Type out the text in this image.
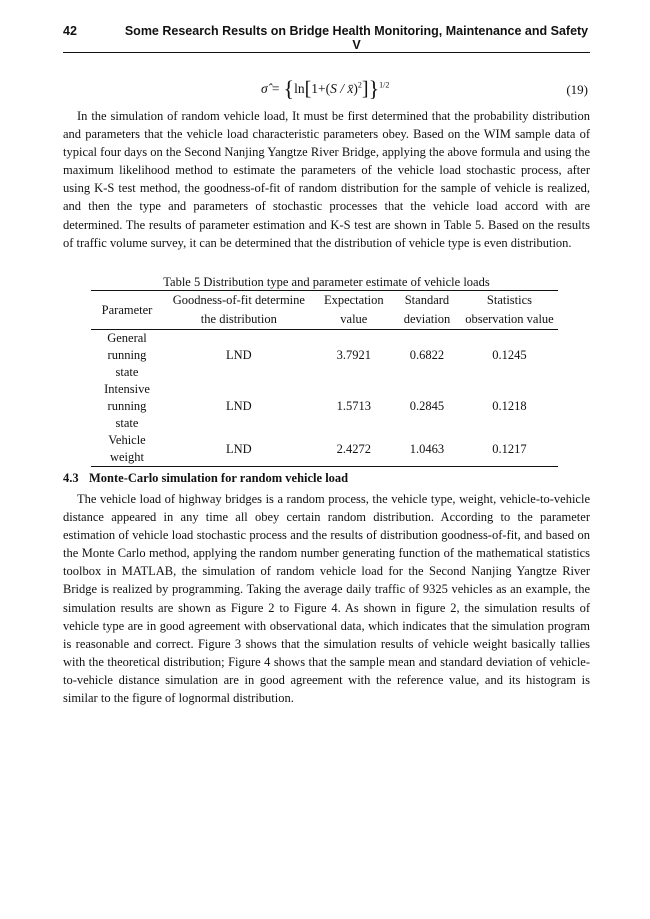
42	Some Research Results on Bridge Health Monitoring, Maintenance and Safety V
σ̂ = {ln[1+(S / x̄)$^2$]}$^{1/2}$	(19)

In the simulation of random vehicle load, It must be first determined that the probability distribution and parameters that the vehicle load characteristic parameters obey. Based on the WIM sample data of typical four days on the Second Nanjing Yangtze River Bridge, applying the above formula and using the maximum likelihood method to estimate the parameters of the vehicle load stochastic process, after using K-S test method, the goodness-of-fit of random distribution for the sample of vehicle is realized, and then the type and parameters of stochastic processes that the vehicle load accord with are determined. The results of parameter estimation and K-S test are shown in Table 5. Based on the results of traffic volume survey, it can be determined that the distribution of vehicle type is even distribution.

Table 5 Distribution type and parameter estimate of vehicle loads
Parameter	Goodness-of-fit determine	Expectation	Standard	Statistics
	the distribution	value	deviation	observation value

General
running
state	LND	3.7921	0.6822	0.1245

Intensive
running
state	LND	1.5713	0.2845	0.1218

Vehicle
weight	LND	2.4272	1.0463	0.1217
4.3 Monte-Carlo simulation for random vehicle load

The vehicle load of highway bridges is a random process, the vehicle type, weight, vehicle-to-vehicle distance appeared in any time all obey certain random distribution. According to the parameter estimation of vehicle load stochastic process and the results of distribution goodness-of-fit, and based on the Monte Carlo method, applying the random number generating function of the mathematical statistics toolbox in MATLAB, the simulation of random vehicle load for the Second Nanjing Yangtze River Bridge is realized by programming. Taking the average daily traffic of 9325 vehicles as an example, the simulation results are shown as Figure 2 to Figure 4. As shown in figure 2, the simulation results of vehicle type are in good agreement with observational data, which indicates that the simulation program is reasonable and correct. Figure 3 shows that the simulation results of vehicle weight basically tallies with the theoretical distribution; Figure 4 shows that the sample mean and standard deviation of vehicle-to-vehicle distance simulation are in good agreement with the reference value, and its histogram is similar to the figure of lognormal distribution.
